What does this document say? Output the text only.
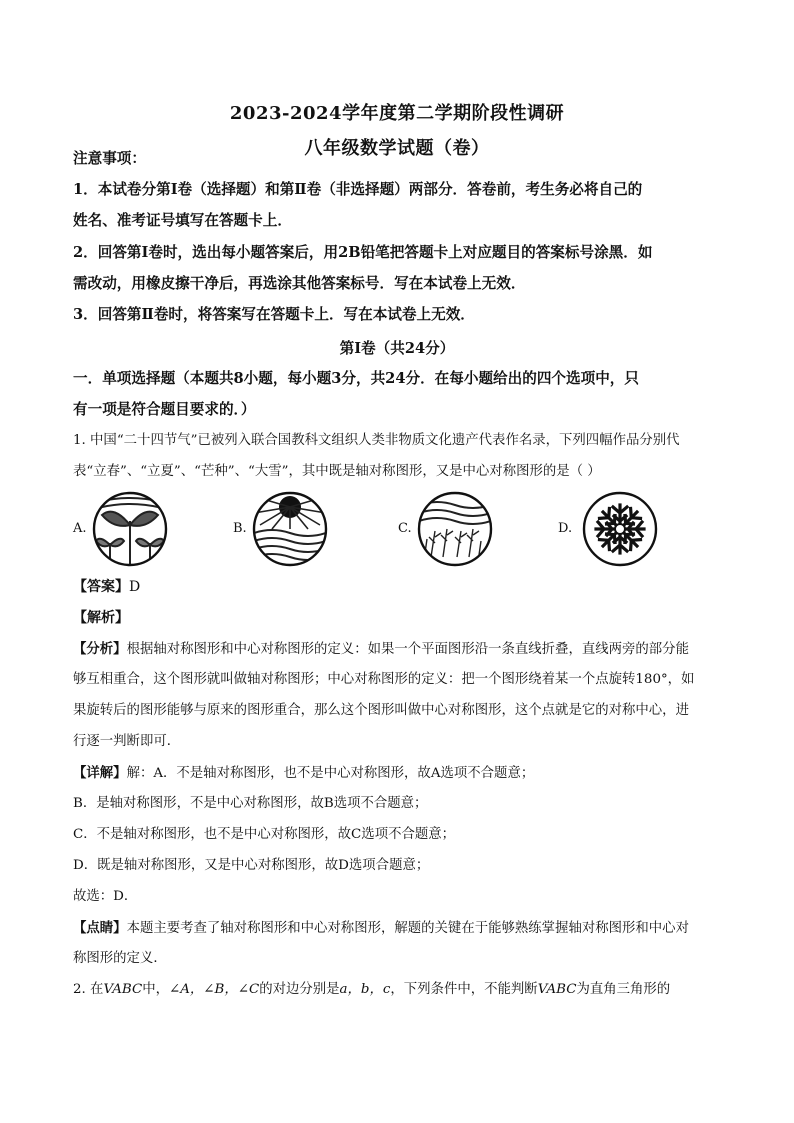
2023-2024学年度第二学期阶段性调研
八年级数学试题（卷）
注意事项：
1．本试卷分第Ⅰ卷（选择题）和第Ⅱ卷（非选择题）两部分．答卷前，考生务必将自己的
姓名、准考证号填写在答题卡上．
2．回答第Ⅰ卷时，选出每小题答案后，用2B铅笔把答题卡上对应题目的答案标号涂黑．如
需改动，用橡皮擦干净后，再选涂其他答案标号．写在本试卷上无效．
3．回答第Ⅱ卷时，将答案写在答题卡上．写在本试卷上无效．
第Ⅰ卷（共24分）
一．单项选择题（本题共8小题，每小题3分，共24分．在每小题给出的四个选项中，只
有一项是符合题目要求的．）
1. 中国“二十四节气”已被列入联合国教科文组织人类非物质文化遗产代表作名录，下列四幅作品分别代
表“立春”、“立夏”、“芒种”、“大雪”，其中既是轴对称图形，又是中心对称图形的是（ ）
A.	B.	C.	D.
【答案】D
【解析】
【分析】根据轴对称图形和中心对称图形的定义：如果一个平面图形沿一条直线折叠，直线两旁的部分能
够互相重合，这个图形就叫做轴对称图形；中心对称图形的定义：把一个图形绕着某一个点旋转180°，如
果旋转后的图形能够与原来的图形重合，那么这个图形叫做中心对称图形，这个点就是它的对称中心，进
行逐一判断即可．
【详解】解：A．不是轴对称图形，也不是中心对称图形，故A选项不合题意；
B．是轴对称图形，不是中心对称图形，故B选项不合题意；
C．不是轴对称图形，也不是中心对称图形，故C选项不合题意；
D．既是轴对称图形，又是中心对称图形，故D选项合题意；
故选：D．
【点睛】本题主要考查了轴对称图形和中心对称图形，解题的关键在于能够熟练掌握轴对称图形和中心对
称图形的定义．
2. 在VABC中，∠A，∠B，∠C的对边分别是a，b，c，下列条件中，不能判断VABC为直角三角形的
